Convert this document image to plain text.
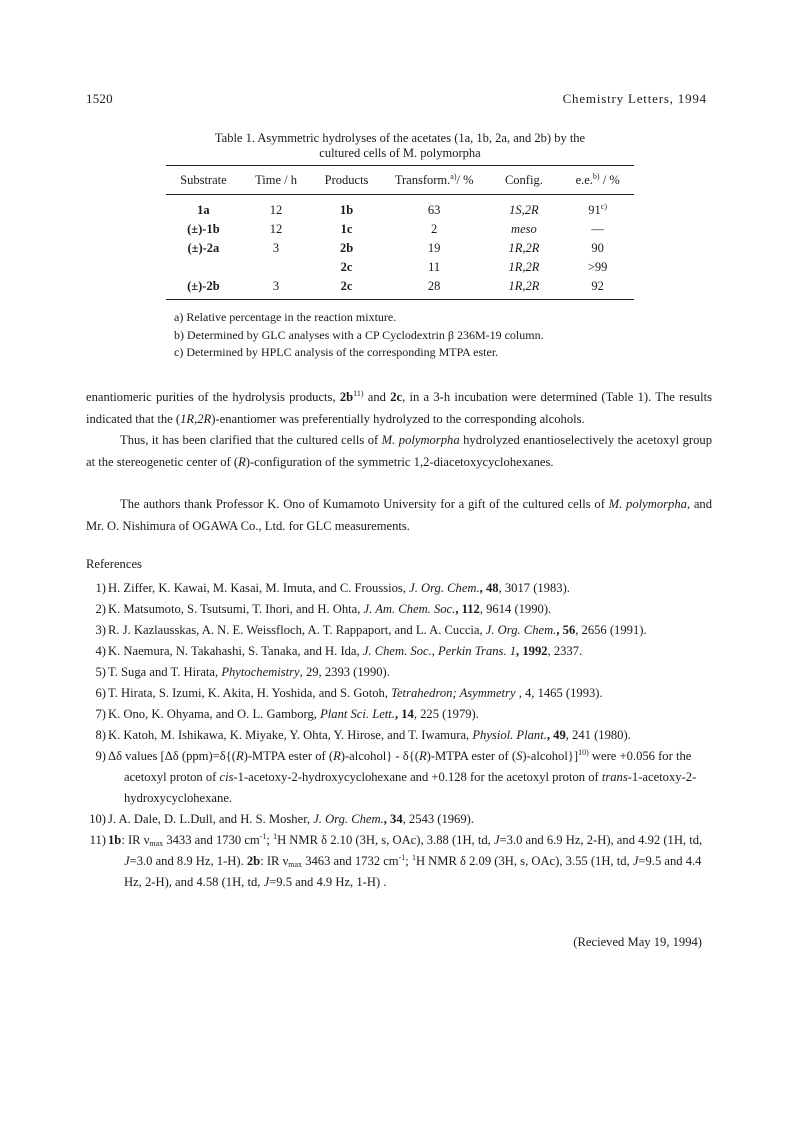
1520	Chemistry Letters, 1994
Table 1. Asymmetric hydrolyses of the acetates (1a, 1b, 2a, and 2b) by the
cultured cells of M. polymorpha
Substrate	Time / h	Products	Transform.$^{a)}$/ %	Config.	e.e.$^{b)}$ / %
1a	12	1b	63	1S,2R	91$^{c)}$
(±)-1b	12	1c	2	meso	—
(±)-2a	3	2b	19	1R,2R	90
		2c	11	1R,2R	>99
(±)-2b	3	2c	28	1R,2R	92
a) Relative percentage in the reaction mixture.
b) Determined by GLC analyses with a CP Cyclodextrin β 236M-19 column.
c) Determined by HPLC analysis of the corresponding MTPA ester.
enantiomeric purities of the hydrolysis products, $2b^{11)}$ and 2c, in a 3-h incubation were determined (Table 1). The results indicated that the (1R,2R)-enantiomer was preferentially hydrolyzed to the corresponding alcohols.
Thus, it has been clarified that the cultured cells of M. polymorpha hydrolyzed enantioselectively the acetoxyl group at the stereogenetic center of (R)-configuration of the symmetric 1,2-diacetoxycyclohexanes.
The authors thank Professor K. Ono of Kumamoto University for a gift of the cultured cells of M. polymorpha, and Mr. O. Nishimura of OGAWA Co., Ltd. for GLC measurements.
References
1) H. Ziffer, K. Kawai, M. Kasai, M. Imuta, and C. Froussios, J. Org. Chem., 48, 3017 (1983).
2) K. Matsumoto, S. Tsutsumi, T. Ihori, and H. Ohta, J. Am. Chem. Soc., 112, 9614 (1990).
3) R. J. Kazlausskas, A. N. E. Weissfloch, A. T. Rappaport, and L. A. Cuccia, J. Org. Chem., 56, 2656 (1991).
4) K. Naemura, N. Takahashi, S. Tanaka, and H. Ida, J. Chem. Soc., Perkin Trans. 1, 1992, 2337.
5) T. Suga and T. Hirata, Phytochemistry, 29, 2393 (1990).
6) T. Hirata, S. Izumi, K. Akita, H. Yoshida, and S. Gotoh, Tetrahedron; Asymmetry , 4, 1465 (1993).
7) K. Ono, K. Ohyama, and O. L. Gamborg, Plant Sci. Lett., 14, 225 (1979).
8) K. Katoh, M. Ishikawa, K. Miyake, Y. Ohta, Y. Hirose, and T. Iwamura, Physiol. Plant., 49, 241 (1980).
9) Δδ values [Δδ (ppm)=δ{(R)-MTPA ester of (R)-alcohol} - δ{(R)-MTPA ester of (S)-alcohol}]$^{10)}$ were +0.056 for the acetoxyl proton of cis-1-acetoxy-2-hydroxycyclohexane and +0.128 for the acetoxyl proton of trans-1-acetoxy-2-hydroxycyclohexane.
10) J. A. Dale, D. L.Dull, and H. S. Mosher, J. Org. Chem., 34, 2543 (1969).
11) 1b: IR $\nu_{max}$ 3433 and 1730 $cm^{-1}$; $^1$H NMR δ 2.10 (3H, s, OAc), 3.88 (1H, td, J=3.0 and 6.9 Hz, 2-H), and 4.92 (1H, td, J=3.0 and 8.9 Hz, 1-H). 2b: IR $\nu_{max}$ 3463 and 1732 $cm^{-1}$; $^1$H NMR δ 2.09 (3H, s, OAc), 3.55 (1H, td, J=9.5 and 4.4 Hz, 2-H), and 4.58 (1H, td, J=9.5 and 4.9 Hz, 1-H) .
(Recieved May 19, 1994)
